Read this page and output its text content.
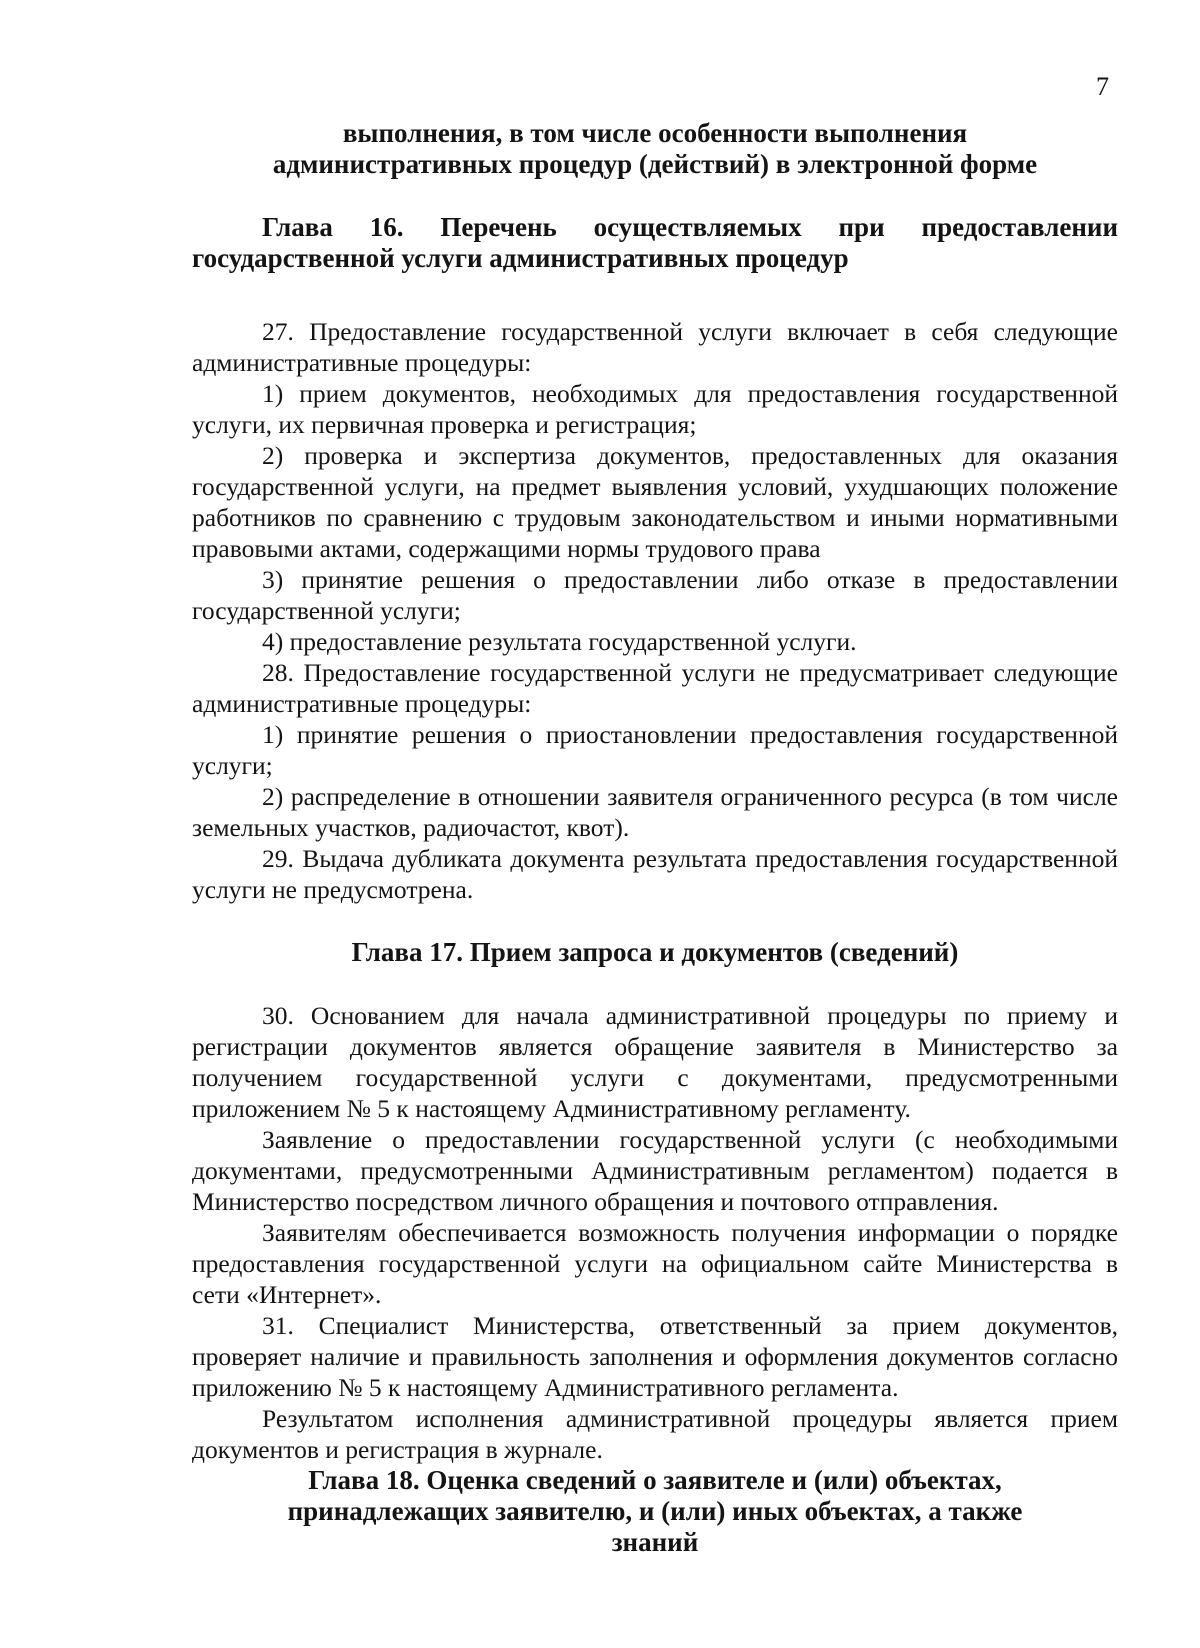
7

выполнения, в том числе особенности выполнения административных процедур (действий) в электронной форме

Глава 16. Перечень осуществляемых при предоставлении государственной услуги административных процедур

27. Предоставление государственной услуги включает в себя следующие административные процедуры:

1) прием документов, необходимых для предоставления государственной услуги, их первичная проверка и регистрация;

2) проверка и экспертиза документов, предоставленных для оказания государственной услуги, на предмет выявления условий, ухудшающих положение работников по сравнению с трудовым законодательством и иными нормативными правовыми актами, содержащими нормы трудового права

3) принятие решения о предоставлении либо отказе в предоставлении государственной услуги;

4) предоставление результата государственной услуги.

28. Предоставление государственной услуги не предусматривает следующие административные процедуры:

1) принятие решения о приостановлении предоставления государственной услуги;

2) распределение в отношении заявителя ограниченного ресурса (в том числе земельных участков, радиочастот, квот).

29. Выдача дубликата документа результата предоставления государственной услуги не предусмотрена.

Глава 17. Прием запроса и документов (сведений)

30. Основанием для начала административной процедуры по приему и регистрации документов является обращение заявителя в Министерство за получением государственной услуги с документами, предусмотренными приложением № 5 к настоящему Административному регламенту.

Заявление о предоставлении государственной услуги (с необходимыми документами, предусмотренными Административным регламентом) подается в Министерство посредством личного обращения и почтового отправления.

Заявителям обеспечивается возможность получения информации о порядке предоставления государственной услуги на официальном сайте Министерства в сети «Интернет».

31. Специалист Министерства, ответственный за прием документов, проверяет наличие и правильность заполнения и оформления документов согласно приложению № 5 к настоящему Административного регламента.

Результатом исполнения административной процедуры является прием документов и регистрация в журнале.

Глава 18. Оценка сведений о заявителе и (или) объектах, принадлежащих заявителю, и (или) иных объектах, а также знаний
